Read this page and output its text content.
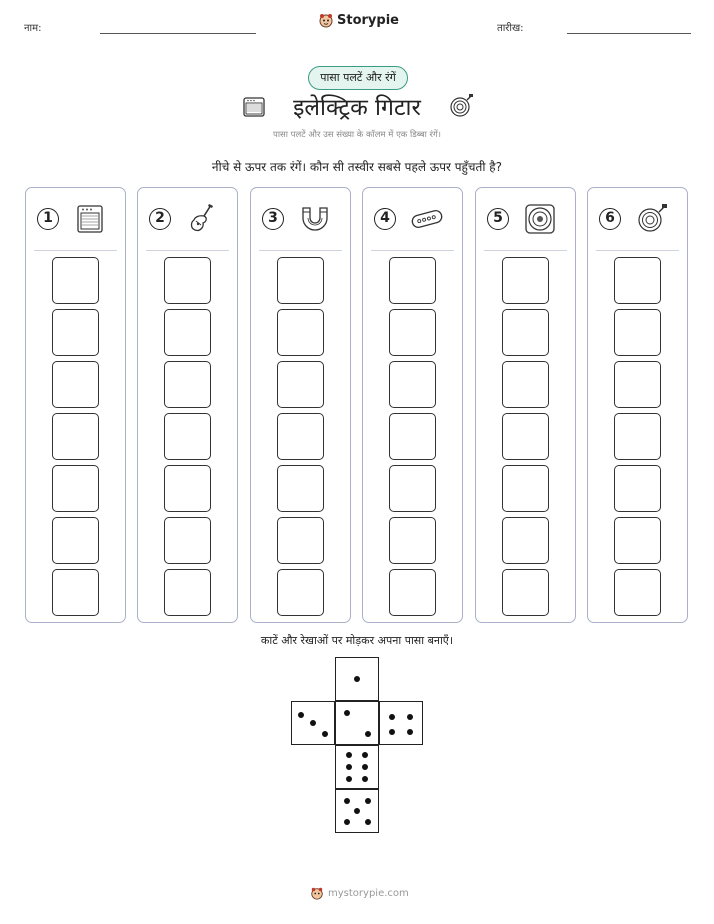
नाम:
Storypie
तारीख:
पासा पलटें और रंगें
इलेक्ट्रिक गिटार
पासा पलटें और उस संख्या के कॉलम में एक डिब्बा रंगें।
नीचे से ऊपर तक रंगें। कौन सी तस्वीर सबसे पहले ऊपर पहुँचती है?
1	2	3	4	5	6
काटें और रेखाओं पर मोड़कर अपना पासा बनाएँ।
mystorypie.com
